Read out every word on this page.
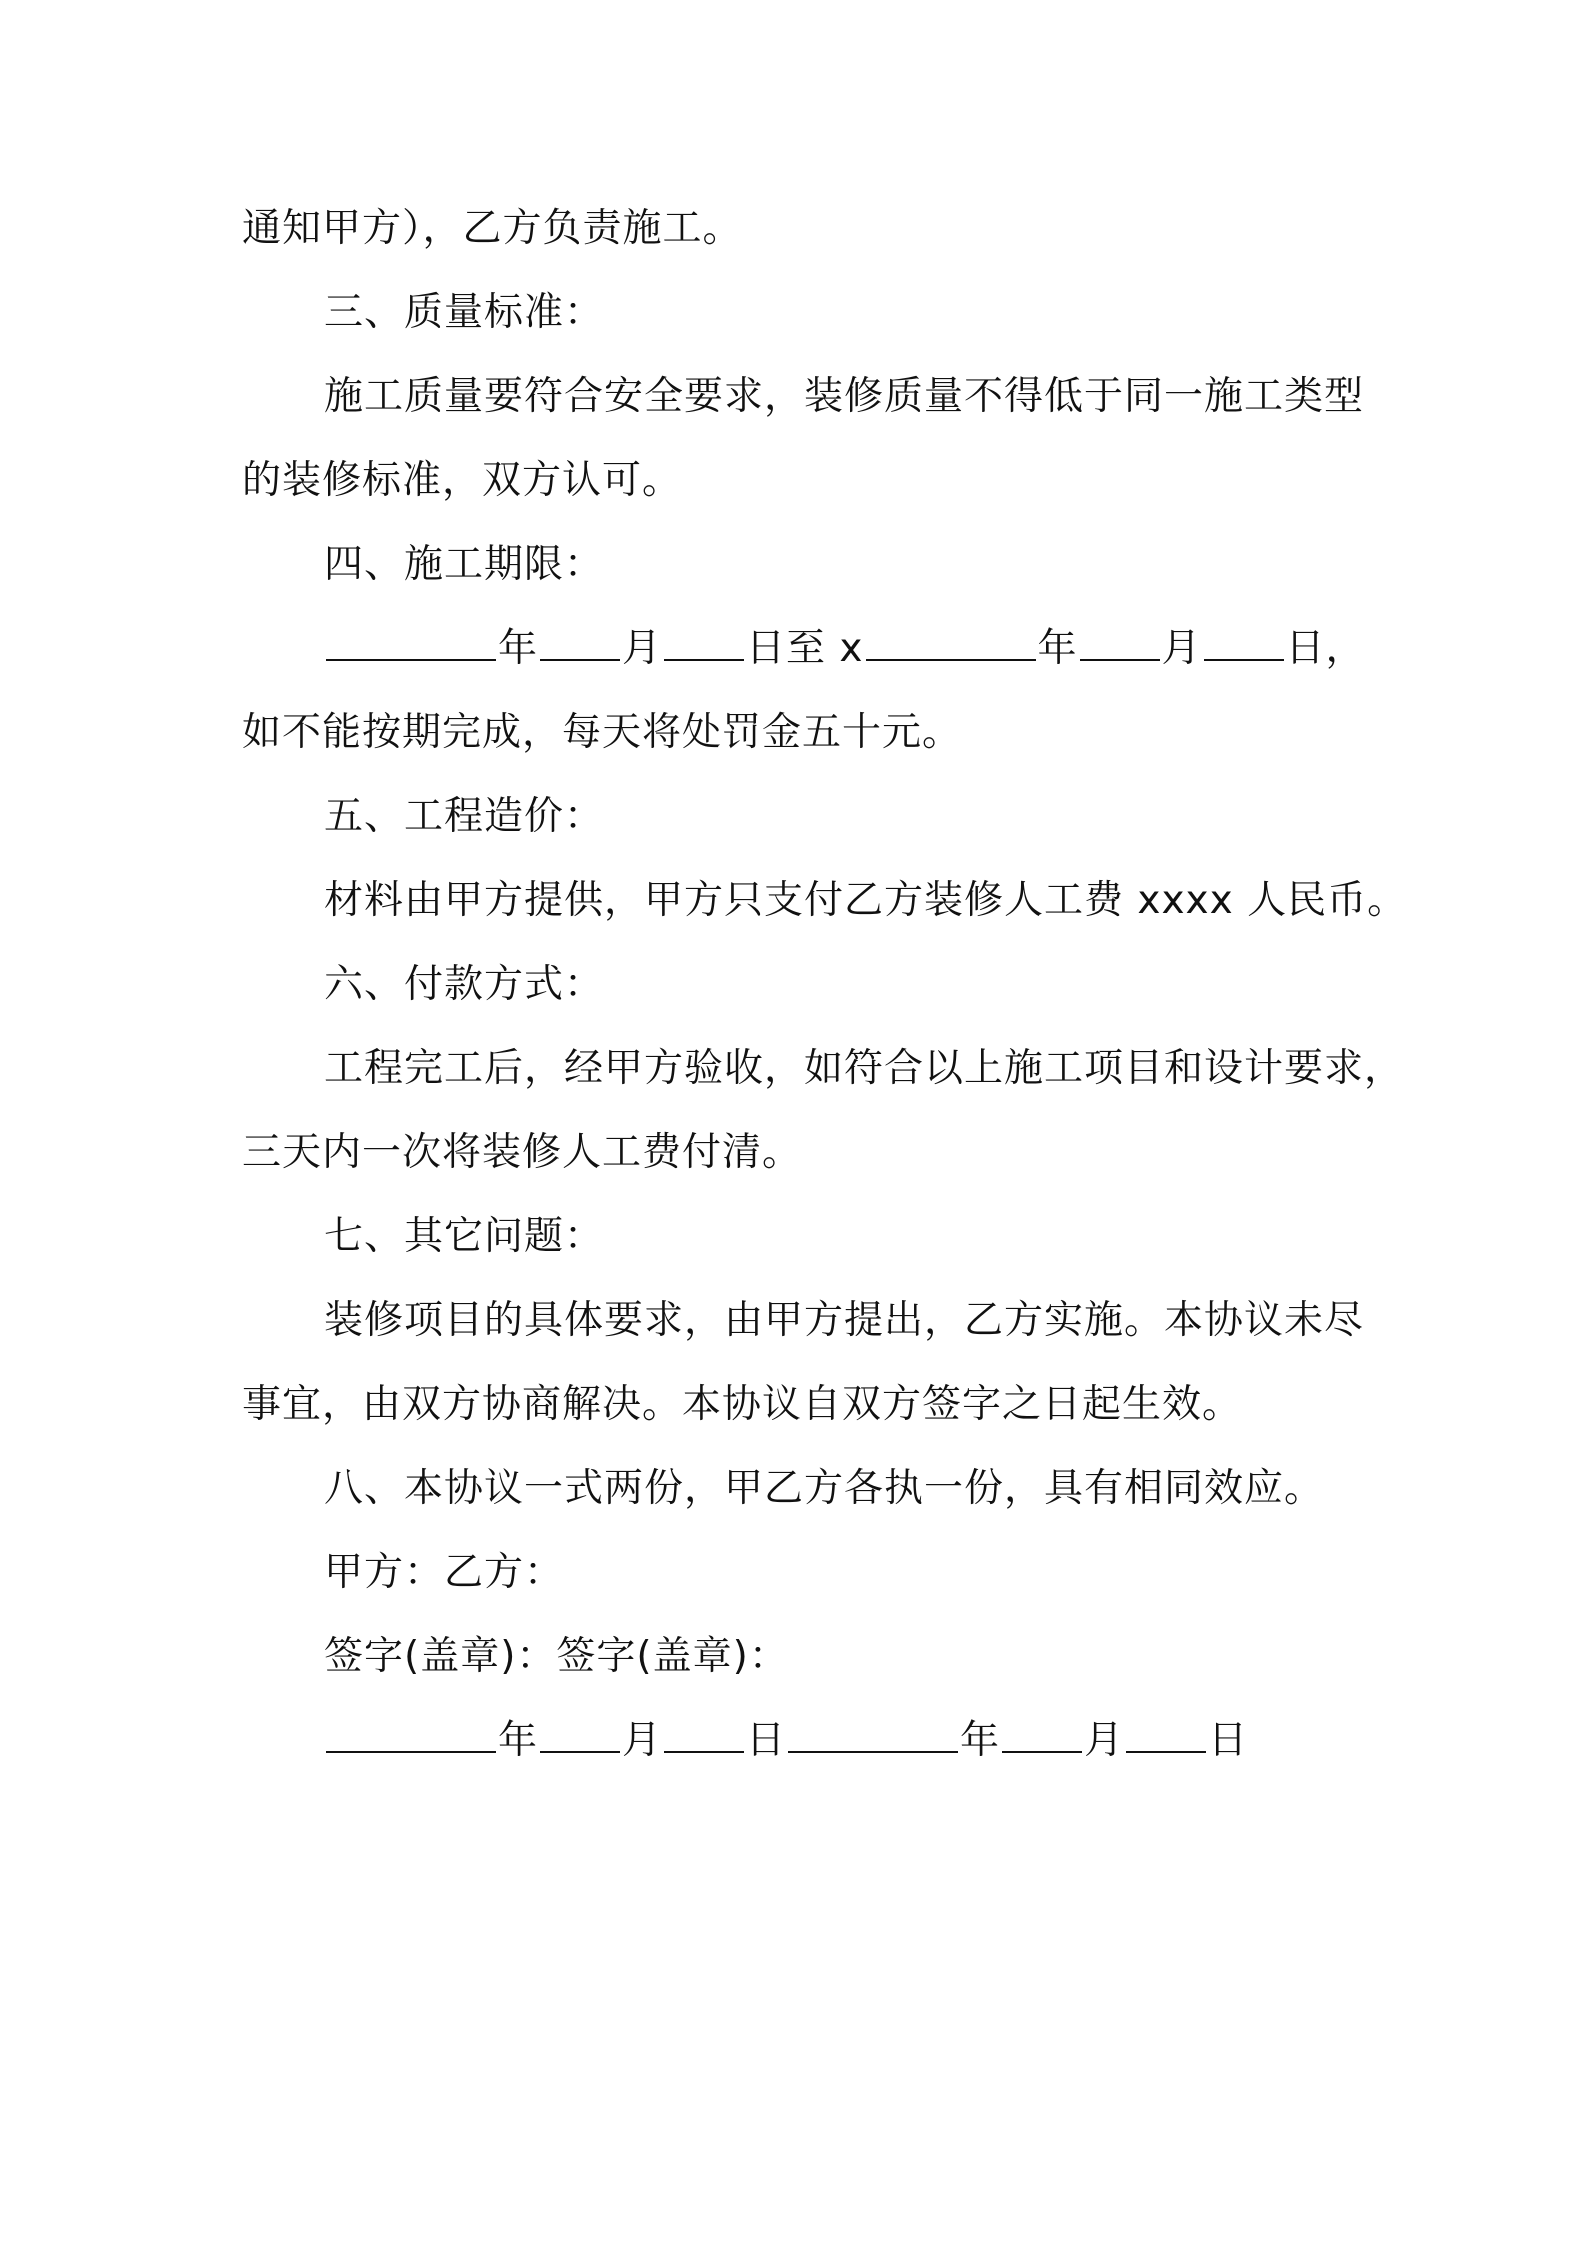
通知甲方），乙方负责施工。
三、质量标准：
施工质量要符合安全要求，装修质量不得低于同一施工类型
的装修标准，双方认可。
四、施工期限：
年 月 日至 x	年 月 日，
如不能按期完成，每天将处罚金五十元。
五、工程造价：
材料由甲方提供，甲方只支付乙方装修人工费 xxxx 人民币。
六、付款方式：
工程完工后，经甲方验收，如符合以上施工项目和设计要求，
三天内一次将装修人工费付清。
七、其它问题：
装修项目的具体要求，由甲方提出，乙方实施。本协议未尽
事宜，由双方协商解决。本协议自双方签字之日起生效。
八、本协议一式两份，甲乙方各执一份，具有相同效应。
甲方：乙方：
签字(盖章)：签字(盖章)：
年 月 日	年 月 日
